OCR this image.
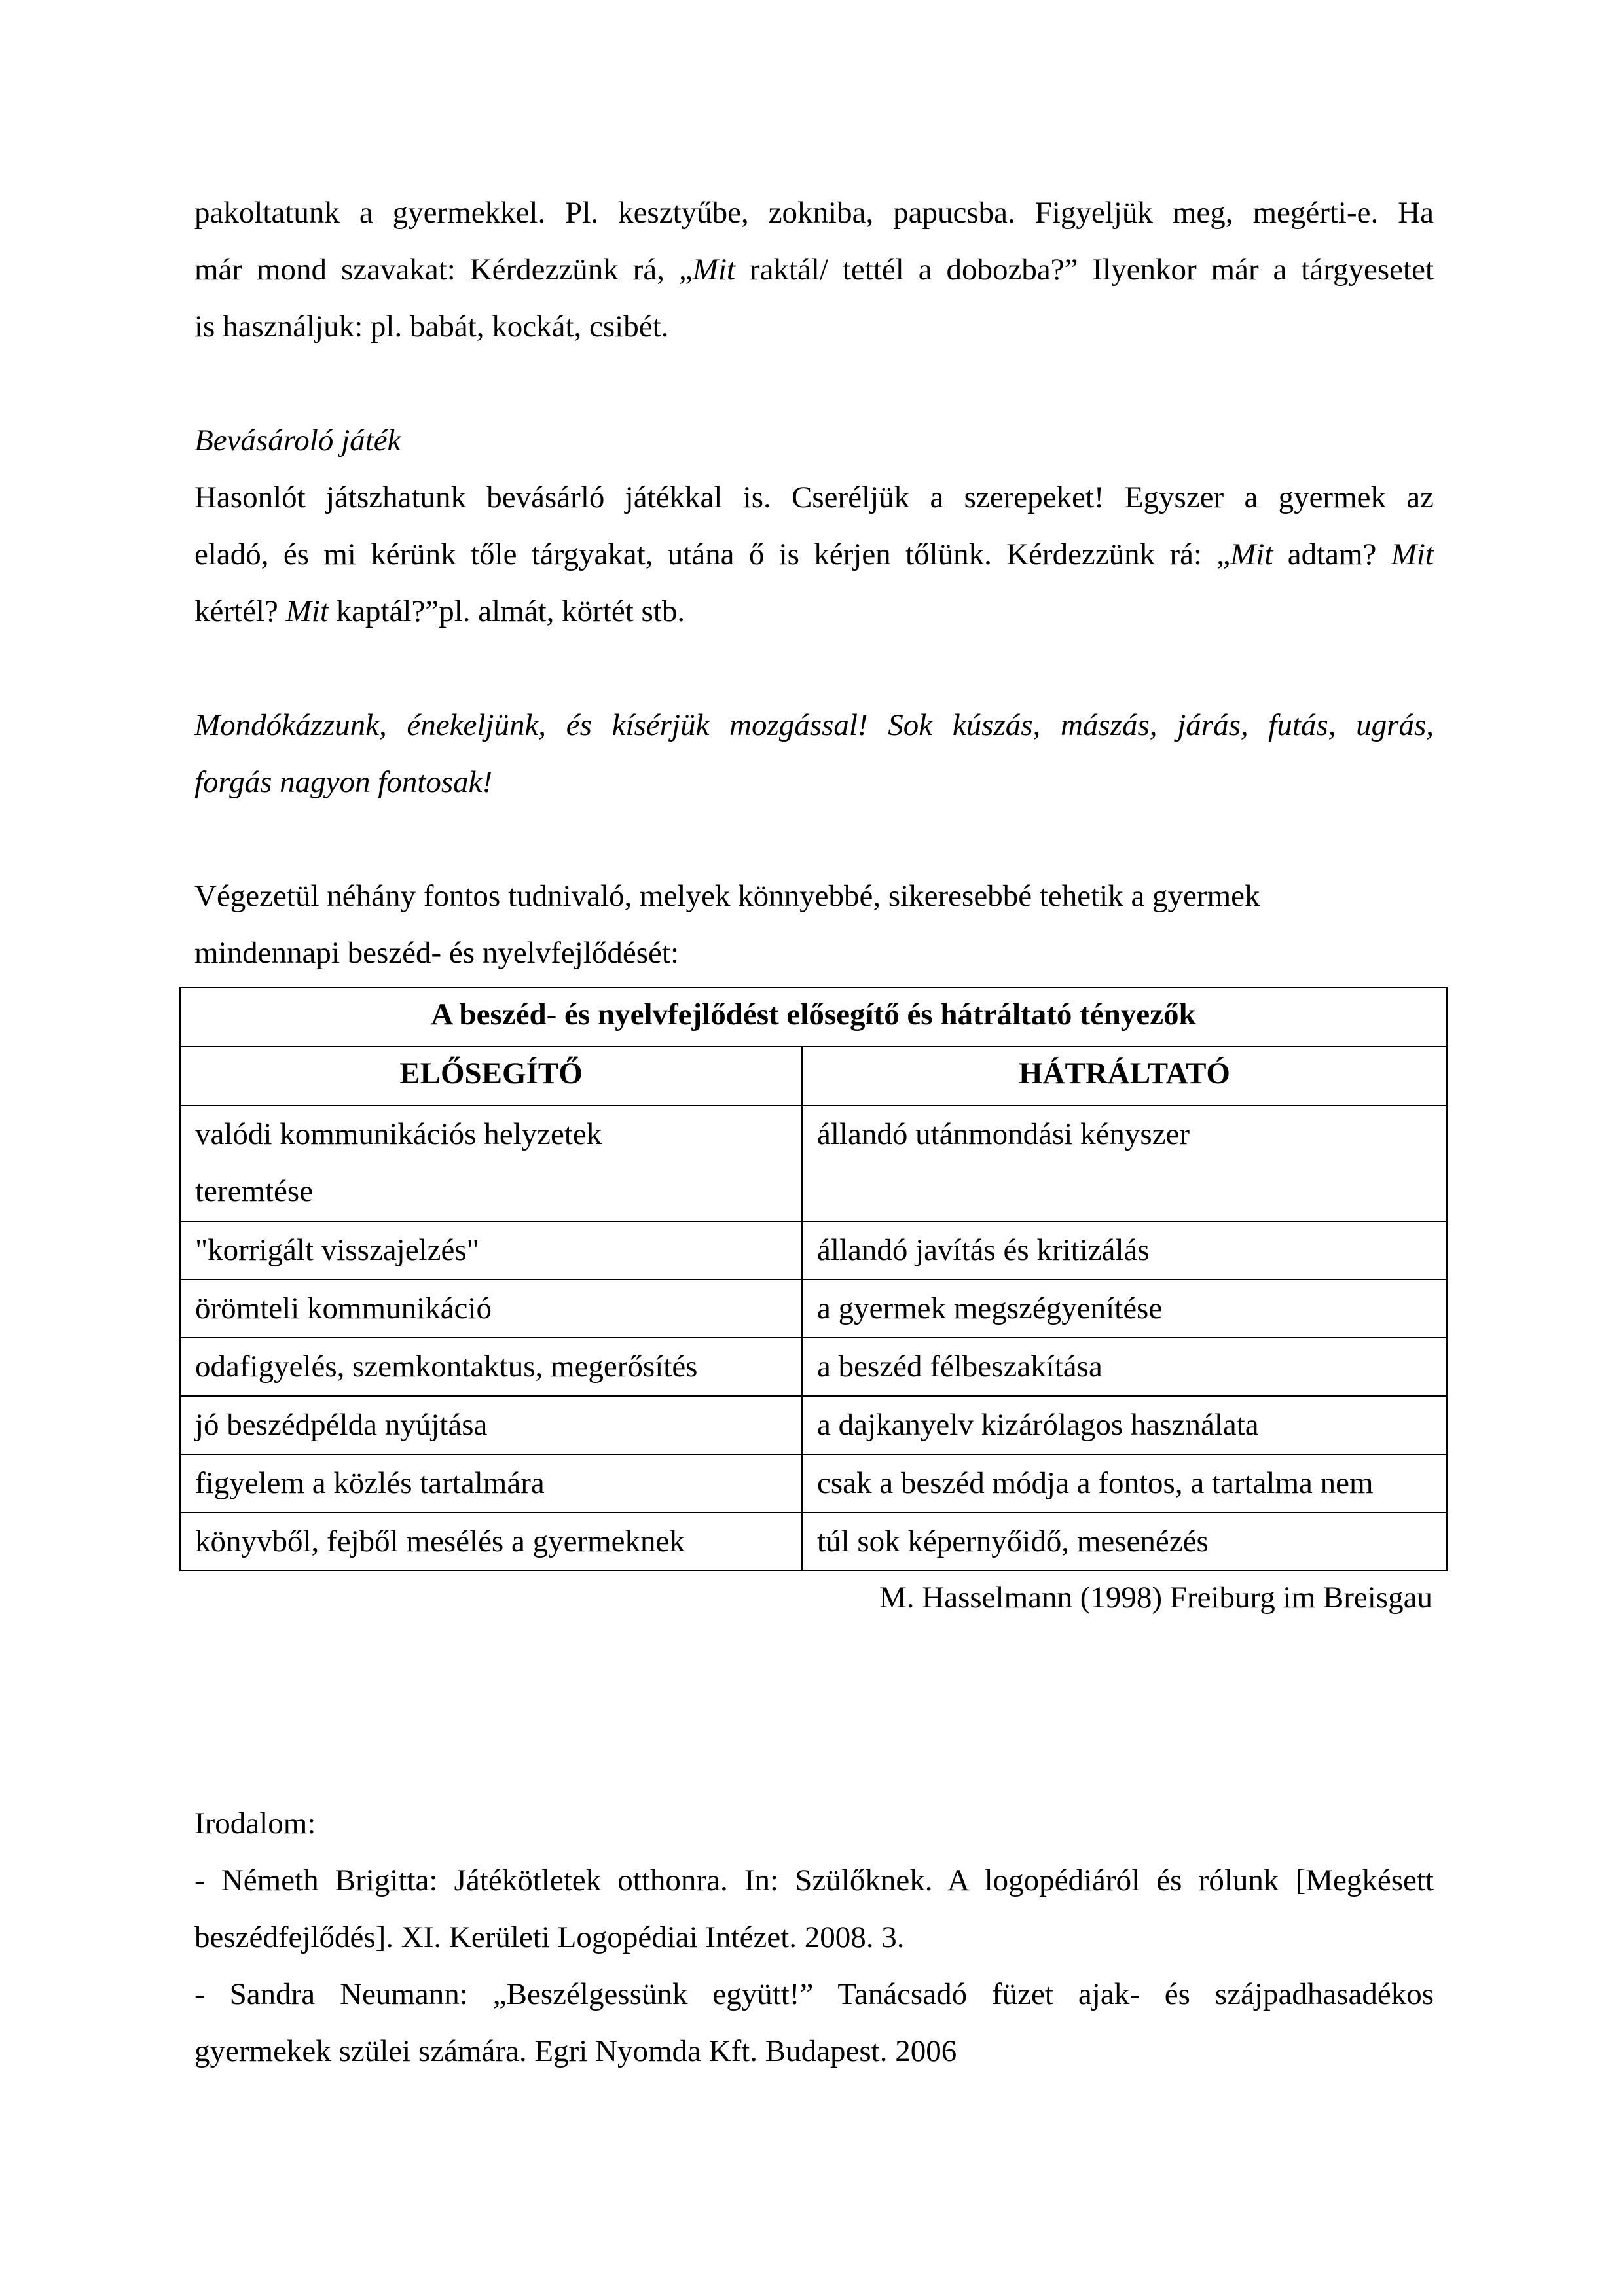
pakoltatunk a gyermekkel. Pl. kesztyűbe, zokniba, papucsba. Figyeljük meg, megérti-e. Ha
már mond szavakat: Kérdezzünk rá, „Mit raktál/ tettél a dobozba?” Ilyenkor már a tárgyesetet
is használjuk: pl. babát, kockát, csibét.
Bevásároló játék
Hasonlót játszhatunk bevásárló játékkal is. Cseréljük a szerepeket! Egyszer a gyermek az
eladó, és mi kérünk tőle tárgyakat, utána ő is kérjen tőlünk. Kérdezzünk rá: „Mit adtam? Mit
kértél? Mit kaptál?”pl. almát, körtét stb.
Mondókázzunk, énekeljünk, és kísérjük mozgással! Sok kúszás, mászás, járás, futás, ugrás,
forgás nagyon fontosak!
Végezetül néhány fontos tudnivaló, melyek könnyebbé, sikeresebbé tehetik a gyermek
mindennapi beszéd- és nyelvfejlődését:
A beszéd- és nyelvfejlődést elősegítő és hátráltató tényezők	
ELŐSEGÍTŐ	HÁTRÁLTATÓ

valódi kommunikációs helyzetek teremtése	állandó utánmondási kényszer
"korrigált visszajelzés"	állandó javítás és kritizálás
örömteli kommunikáció	a gyermek megszégyenítése
odafigyelés, szemkontaktus, megerősítés	a beszéd félbeszakítása
jó beszédpélda nyújtása	a dajkanyelv kizárólagos használata
figyelem a közlés tartalmára	csak a beszéd módja a fontos, a tartalma nem
könyvből, fejből mesélés a gyermeknek	túl sok képernyőidő, mesenézés
M. Hasselmann (1998) Freiburg im Breisgau
Irodalom:
- Németh Brigitta: Játékötletek otthonra. In: Szülőknek. A logopédiáról és rólunk [Megkésett
beszédfejlődés]. XI. Kerületi Logopédiai Intézet. 2008. 3.
- Sandra Neumann: „Beszélgessünk együtt!” Tanácsadó füzet ajak- és szájpadhasadékos
gyermekek szülei számára. Egri Nyomda Kft. Budapest. 2006
